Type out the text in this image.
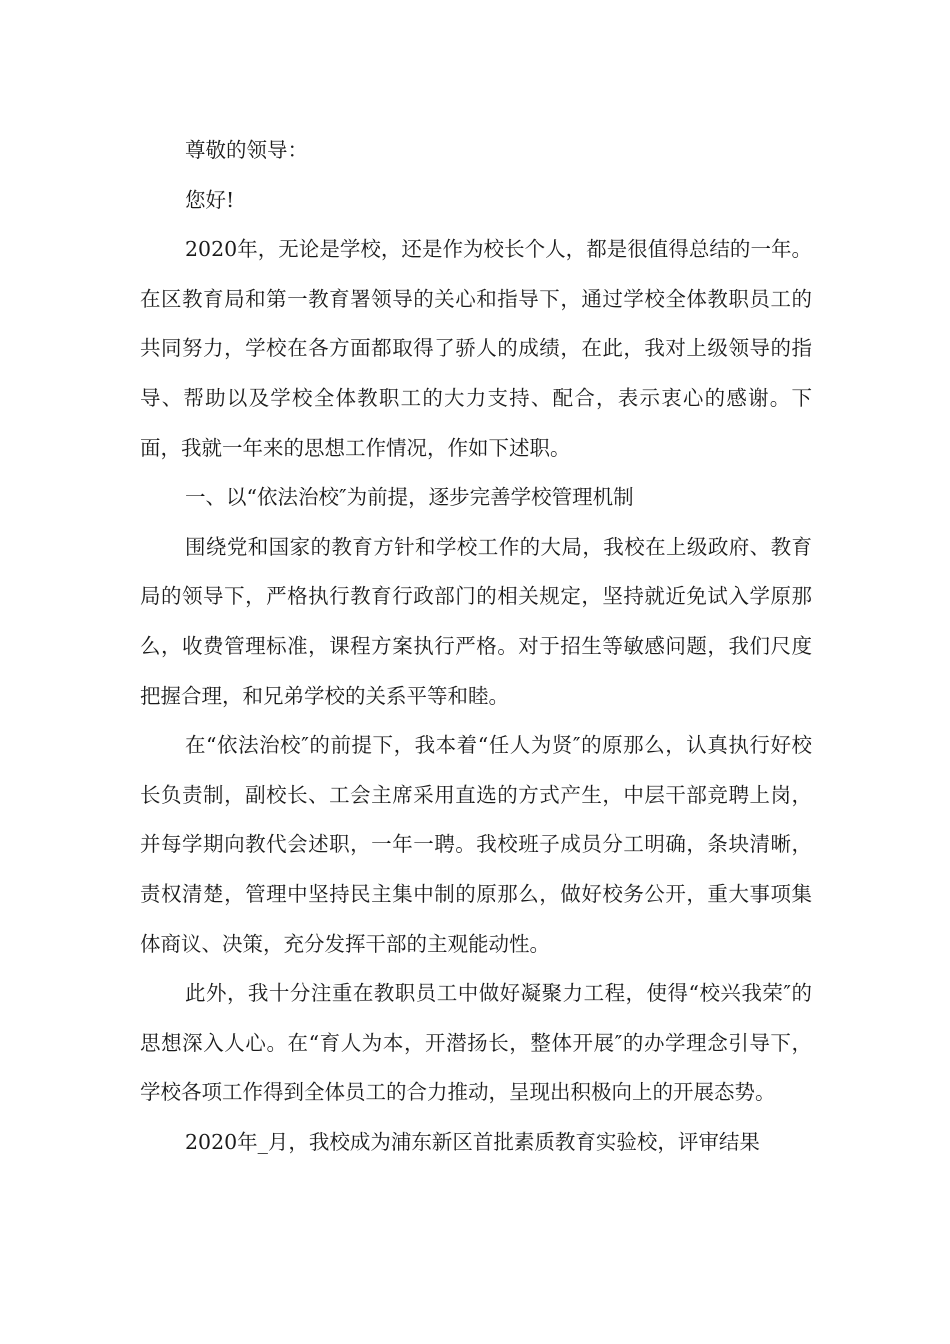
尊敬的领导：

您好!

2020年，无论是学校，还是作为校长个人，都是很值得总结的一年。在区教育局和第一教育署领导的关心和指导下，通过学校全体教职员工的共同努力，学校在各方面都取得了骄人的成绩，在此，我对上级领导的指导、帮助以及学校全体教职工的大力支持、配合，表示衷心的感谢。下面，我就一年来的思想工作情况，作如下述职。

一、以“依法治校″为前提，逐步完善学校管理机制

围绕党和国家的教育方针和学校工作的大局，我校在上级政府、教育局的领导下，严格执行教育行政部门的相关规定，坚持就近免试入学原那么，收费管理标准，课程方案执行严格。对于招生等敏感问题，我们尺度把握合理，和兄弟学校的关系平等和睦。

在“依法治校″的前提下，我本着“任人为贤″的原那么，认真执行好校长负责制，副校长、工会主席采用直选的方式产生，中层干部竞聘上岗，并每学期向教代会述职，一年一聘。我校班子成员分工明确，条块清晰，责权清楚，管理中坚持民主集中制的原那么，做好校务公开，重大事项集体商议、决策，充分发挥干部的主观能动性。

此外，我十分注重在教职员工中做好凝聚力工程，使得“校兴我荣″的思想深入人心。在“育人为本，开潜扬长，整体开展″的办学理念引导下，学校各项工作得到全体员工的合力推动，呈现出积极向上的开展态势。

2020年_月，我校成为浦东新区首批素质教育实验校，评审结果
